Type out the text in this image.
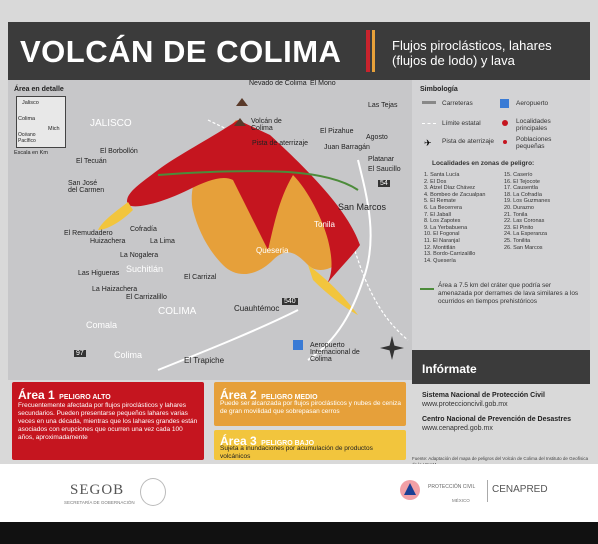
VOLCÁN DE COLIMA	Flujos piroclásticos, lahares (flujos de lodo) y lava
Nevado de Colima
Volcán de Colima
JALISCO
COLIMA
El Mono
Las Tejas
El Pizahue
Agosto
Juan Barragán
Platanar
El Saucillo
El Borbollón
El Tecuán
San José del Carmen
El Remudadero
Huizachera
Cofradía
La Lima
La Nogalera
Las Higueras
La Haizachera
El Carrizal
El Carrizalillo
Pista de aterrizaje
San Marcos
Tonila
Queseria
Cuauhtémoc
Aeropuerto Internacional de Colima
El Trapiche
Suchitlán
Comala
Colima
54
540
97
Área en detalle
Jalisco
Colima
Mich
Océano Pacífico
Escala en Km
Simbología
Carreteras	Aeropuerto
Límite estatal	Localidades principales
Pista de aterrizaje	Poblaciones pequeñas
✈
Localidades en zonas de peligro:
1. Santa Lucía
2. El Dos
3. Atzel Díaz Chávez
4. Bombeo de Zacualpan
5. El Remate
6. La Becerrera
7. El Jaball
8. Los Zapotes
9. La Yerbabuena
10. El Fogonal
11. El Naranjal
12. Montitlán
13. Bordo-Carrizalillo
14. Quesería
15. Caserío
16. El Tejocote
17. Causentla
18. La Cofradía
19. Los Guzmanes
20. Durazno
21. Tonila
22. Las Coronas
23. El Pinito
24. La Esperanza
25. Tonilita
26. San Marcos
Área a 7.5 km del cráter que podría ser amenazada por derrames de lava similares a los ocurridos en tiempos prehistóricos
Infórmate
Sistema Nacional de Protección Civil
www.proteccioncivil.gob.mx
Centro Nacional de Prevención de Desastres
www.cenapred.gob.mx
Fuente: Adaptación del mapa de peligros del Volcán de Colima del Instituto de Geofísica
Área 1 PELIGRO ALTO
Frecuentemente afectada por flujos piroclásticos y lahares secundarios. Pueden presentarse pequeños lahares varias veces en una década, mientras que los lahares grandes están asociados con erupciones que ocurren una vez cada 100 años, aproximadamente
Área 2 PELIGRO MEDIO
Puede ser alcanzada por flujos piroclásticos y nubes de ceniza de gran movilidad que sobrepasan cerros
Área 3 PELIGRO BAJO
Sujeta a inundaciones por acumulación de productos volcánicos
SEGOB
SECRETARÍA DE GOBERNACIÓN
PROTECCIÓN CIVIL CENAPRED
MÉXICO
